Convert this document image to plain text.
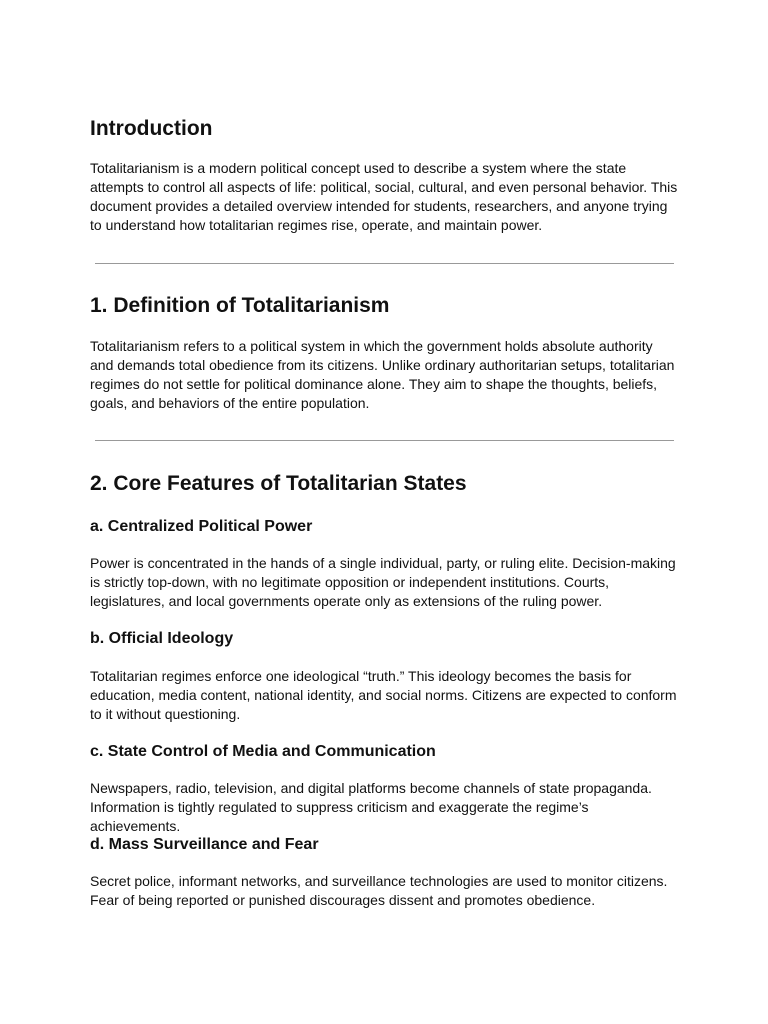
Introduction

Totalitarianism is a modern political concept used to describe a system where the state attempts to control all aspects of life: political, social, cultural, and even personal behavior. This document provides a detailed overview intended for students, researchers, and anyone trying to understand how totalitarian regimes rise, operate, and maintain power.

1. Definition of Totalitarianism

Totalitarianism refers to a political system in which the government holds absolute authority and demands total obedience from its citizens. Unlike ordinary authoritarian setups, totalitarian regimes do not settle for political dominance alone. They aim to shape the thoughts, beliefs, goals, and behaviors of the entire population.

2. Core Features of Totalitarian States
a. Centralized Political Power

Power is concentrated in the hands of a single individual, party, or ruling elite. Decision-making is strictly top-down, with no legitimate opposition or independent institutions. Courts, legislatures, and local governments operate only as extensions of the ruling power.

b. Official Ideology

Totalitarian regimes enforce one ideological “truth.” This ideology becomes the basis for education, media content, national identity, and social norms. Citizens are expected to conform to it without questioning.

c. State Control of Media and Communication

Newspapers, radio, television, and digital platforms become channels of state propaganda. Information is tightly regulated to suppress criticism and exaggerate the regime’s achievements.

d. Mass Surveillance and Fear

Secret police, informant networks, and surveillance technologies are used to monitor citizens. Fear of being reported or punished discourages dissent and promotes obedience.
